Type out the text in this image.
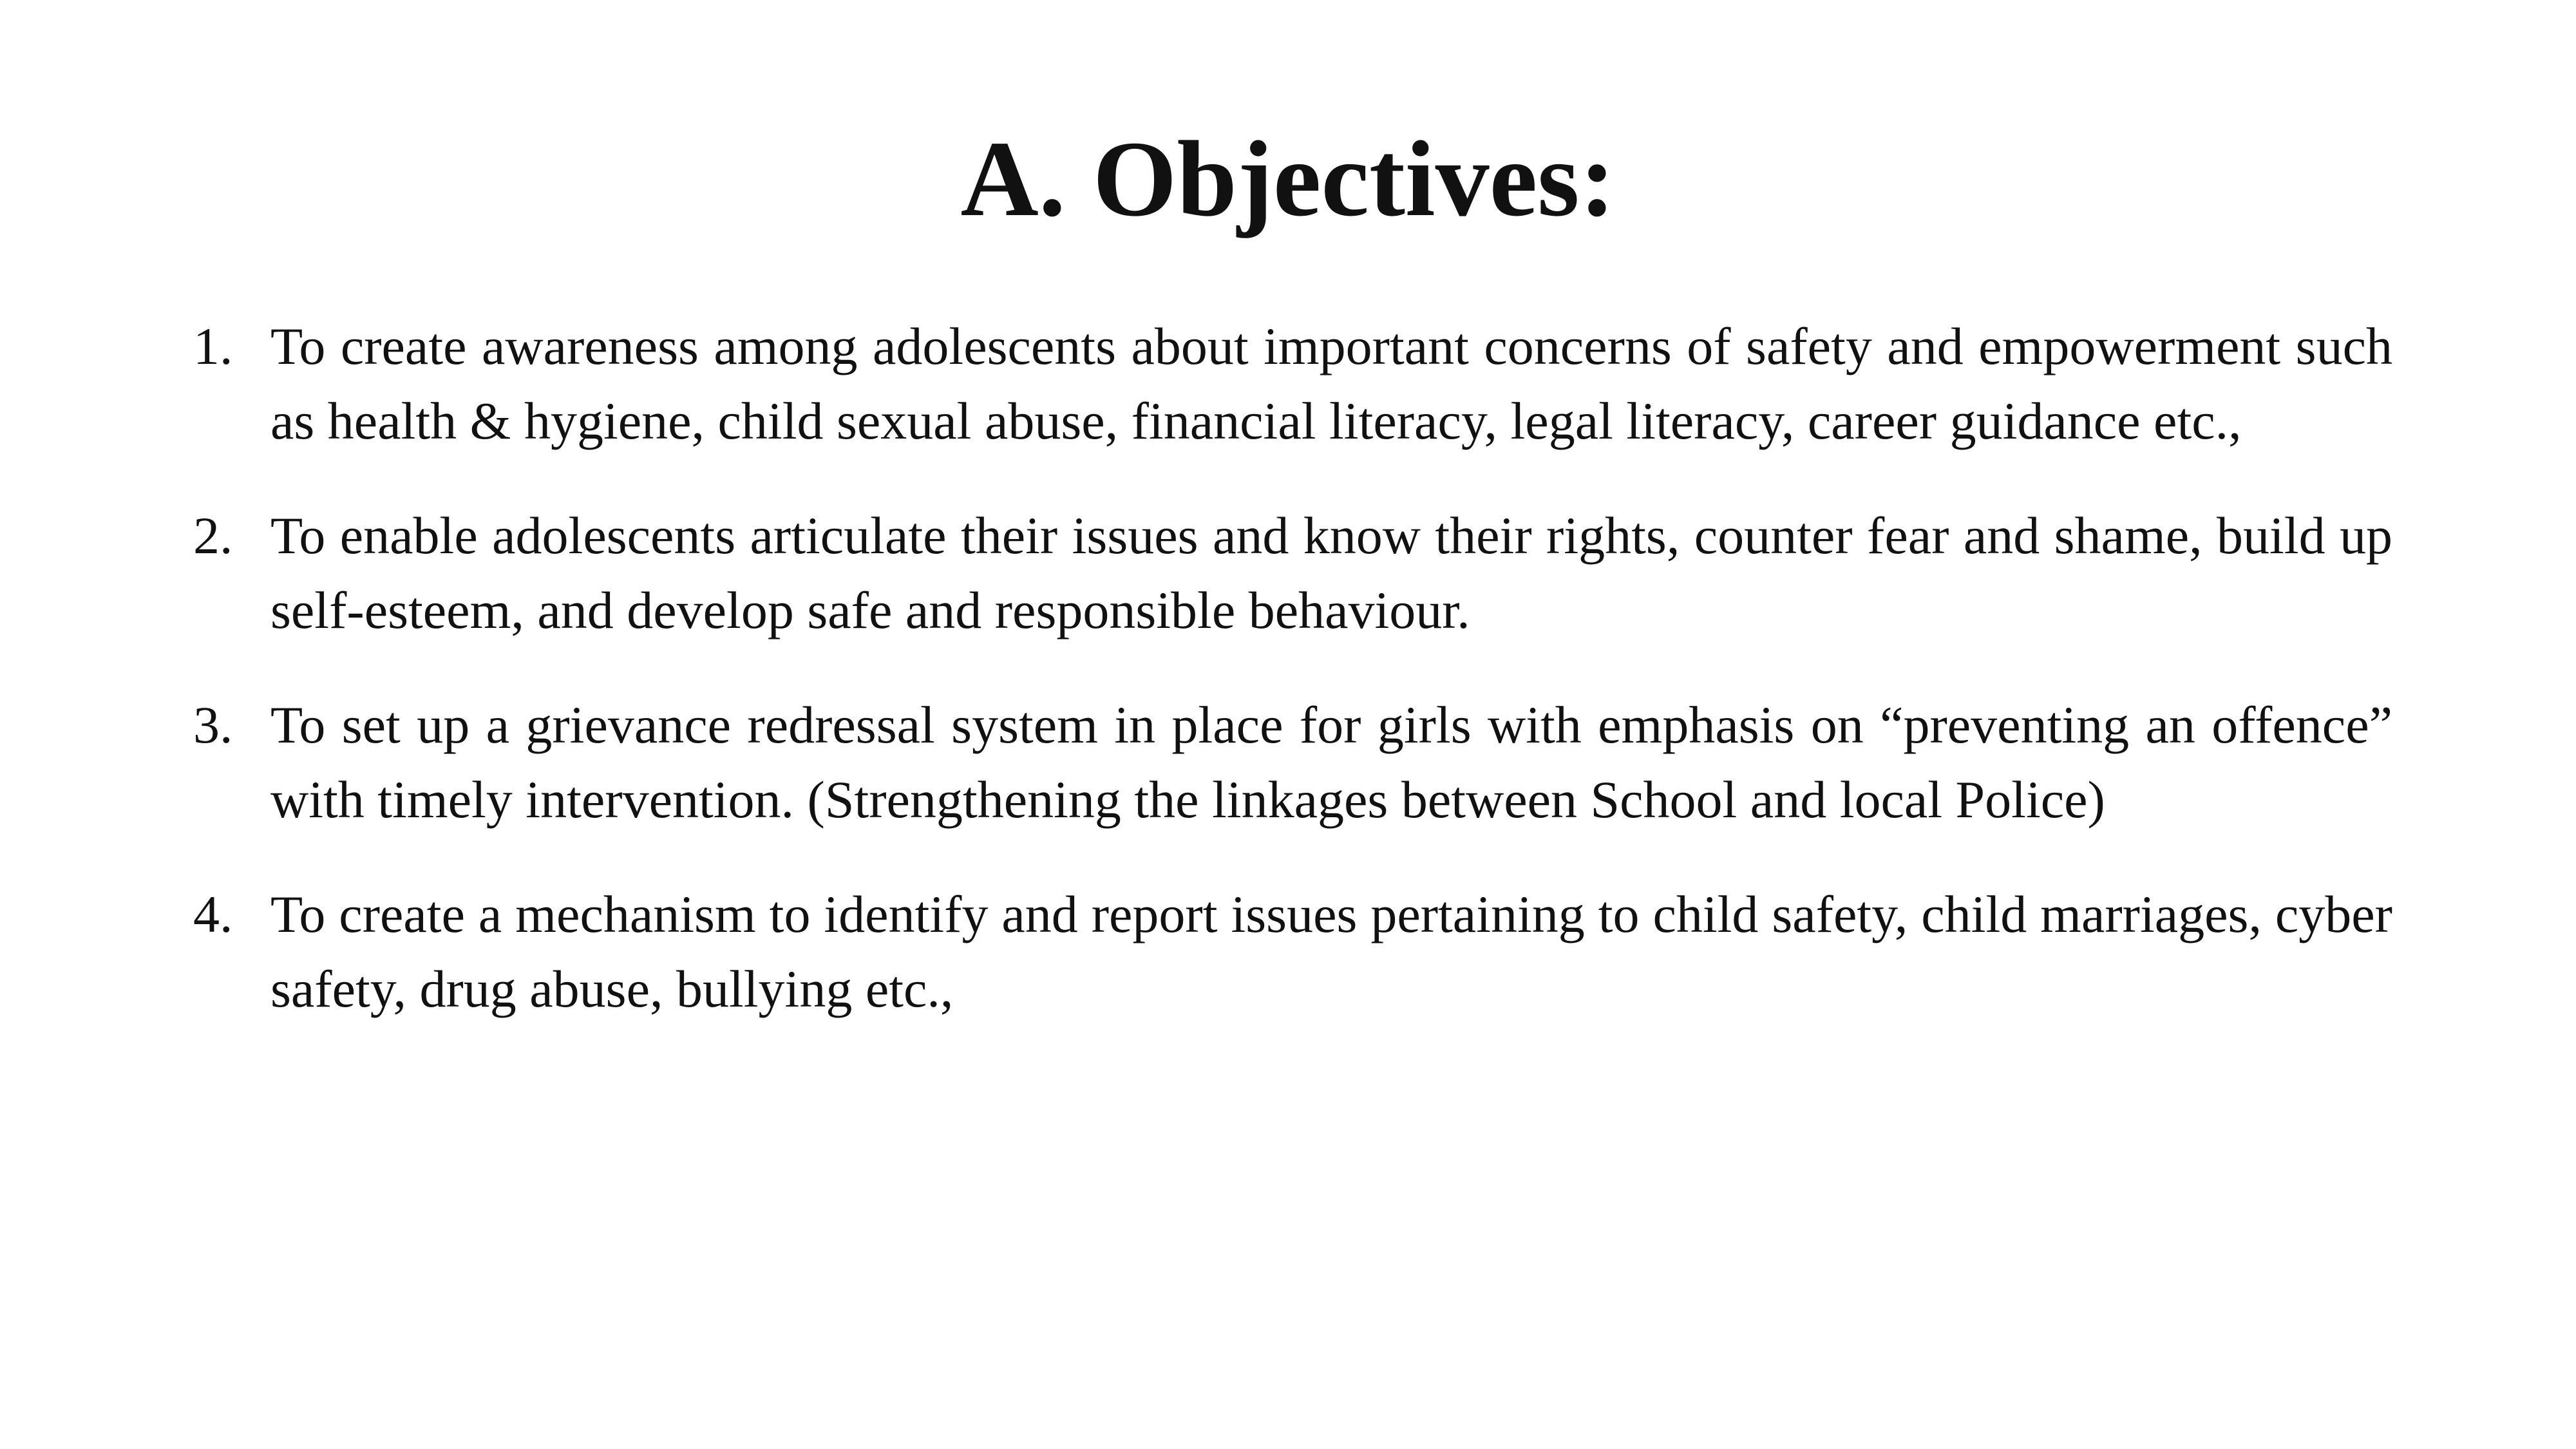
A. Objectives:
1. To create awareness among adolescents about important concerns of safety and empowerment such as health & hygiene, child sexual abuse, financial literacy, legal literacy, career guidance etc.,
2. To enable adolescents articulate their issues and know their rights, counter fear and shame, build up self-esteem, and develop safe and responsible behaviour.
3. To set up a grievance redressal system in place for girls with emphasis on “preventing an offence” with timely intervention. (Strengthening the linkages between School and local Police)
4. To create a mechanism to identify and report issues pertaining to child safety, child marriages, cyber safety, drug abuse, bullying etc.,
